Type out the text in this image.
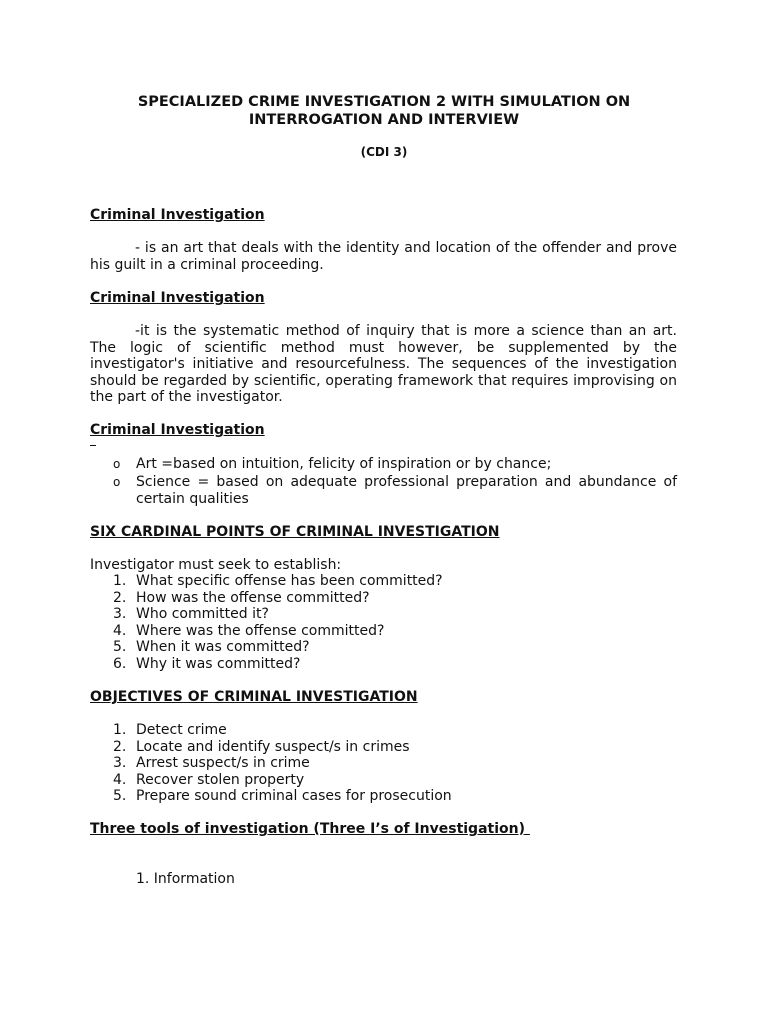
SPECIALIZED CRIME INVESTIGATION 2 WITH SIMULATION ON
INTERROGATION AND INTERVIEW
(CDI 3)
Criminal Investigation
- is an art that deals with the identity and location of the offender and prove his guilt in a criminal proceeding.
Criminal Investigation
-it is the systematic method of inquiry that is more a science than an art. The logic of scientific method must however, be supplemented by the investigator's initiative and resourcefulness. The sequences of the investigation should be regarded by scientific, operating framework that requires improvising on the part of the investigator.
Criminal Investigation
o Art =based on intuition, felicity of inspiration or by chance;
o Science = based on adequate professional preparation and abundance of certain qualities
SIX CARDINAL POINTS OF CRIMINAL INVESTIGATION
Investigator must seek to establish:
1. What specific offense has been committed?
2. How was the offense committed?
3. Who committed it?
4. Where was the offense committed?
5. When it was committed?
6. Why it was committed?
OBJECTIVES OF CRIMINAL INVESTIGATION
1. Detect crime
2. Locate and identify suspect/s in crimes
3. Arrest suspect/s in crime
4. Recover stolen property
5. Prepare sound criminal cases for prosecution
Three tools of investigation (Three I’s of Investigation)
1. Information
